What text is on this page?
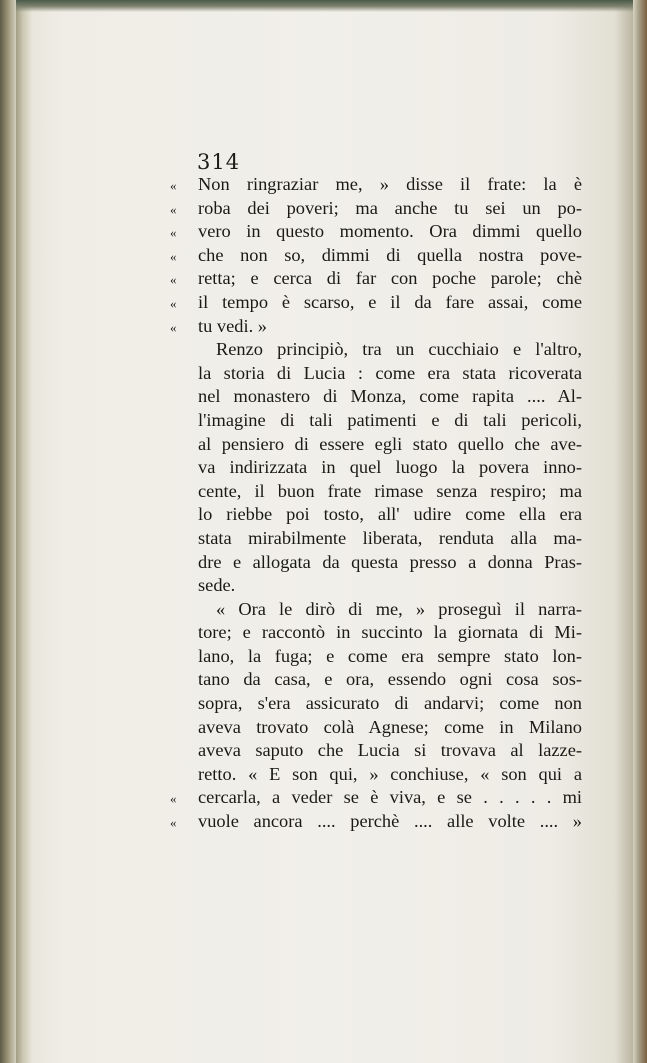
314
«	Non ringraziar me, » disse il frate: la è
«	roba dei poveri; ma anche tu sei un po-
«	vero in questo momento. Ora dimmi quello
«	che non so, dimmi di quella nostra pove-
«	retta; e cerca di far con poche parole; chè
«	il tempo è scarso, e il da fare assai, come
«	tu vedi. »
Renzo principiò, tra un cucchiaio e l'altro,
la storia di Lucia : come era stata ricoverata
nel monastero di Monza, come rapita .... Al-
l'imagine di tali patimenti e di tali pericoli,
al pensiero di essere egli stato quello che ave-
va indirizzata in quel luogo la povera inno-
cente, il buon frate rimase senza respiro; ma
lo riebbe poi tosto, all' udire come ella era
stata mirabilmente liberata, renduta alla ma-
dre e allogata da questa presso a donna Pras-
sede.
« Ora le dirò di me, » proseguì il narra-
tore; e raccontò in succinto la giornata di Mi-
lano, la fuga; e come era sempre stato lon-
tano da casa, e ora, essendo ogni cosa sos-
sopra, s'era assicurato di andarvi; come non
aveva trovato colà Agnese; come in Milano
aveva saputo che Lucia si trovava al lazze-
retto. « E son qui, » conchiuse, « son qui a
«	cercarla, a veder se è viva, e se . . . . . mi
«	vuole ancora .... perchè .... alle volte .... »
